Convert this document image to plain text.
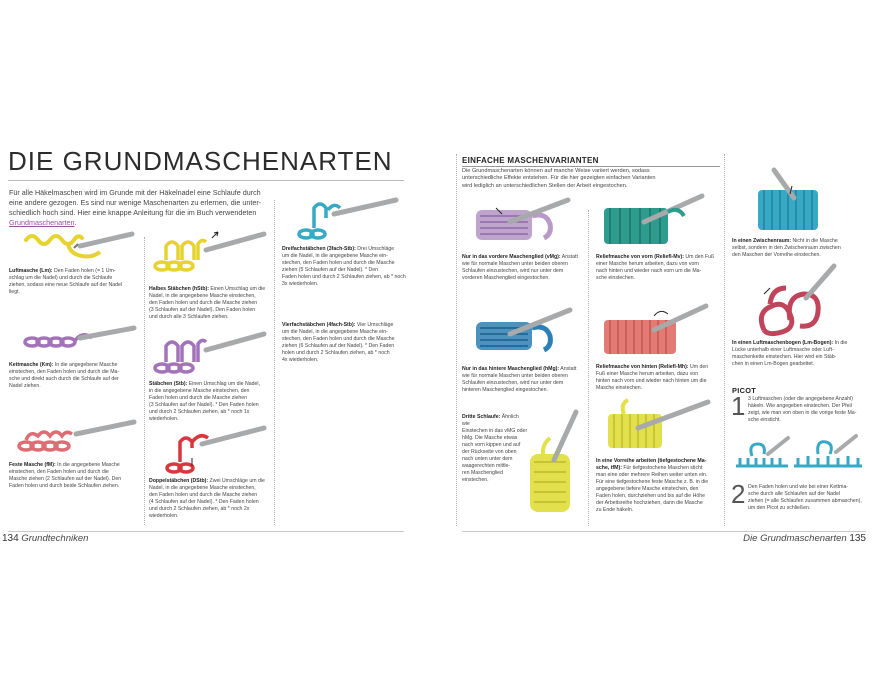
DIE GRUNDMASCHENARTEN
Für alle Häkelmaschen wird im Grunde mit der Häkelnadel eine Schlaufe durch
eine andere gezogen. Es sind nur wenige Maschenarten zu erlernen, die unter-
schiedlich hoch sind. Hier eine knappe Anleitung für die im Buch verwendeten
Grundmaschenarten.
Luftmasche (Lm): Den Faden holen (= 1 Um-
schlag um die Nadel) und durch die Schlaufe
ziehen, sodass eine neue Schlaufe auf der Nadel
liegt.
Kettmasche (Km): In die angegebene Masche
einstechen, den Faden holen und durch die Ma-
sche und direkt auch durch die Schlaufe auf der
Nadel ziehen.
Feste Masche (fM): In die angegebene Masche
einstechen, den Faden holen und durch die
Masche ziehen (2 Schlaufen auf der Nadel). Den
Faden holen und durch beide Schlaufen ziehen.
Halbes Stäbchen (hStb): Einen Umschlag um die
Nadel, in die angegebene Masche einstechen,
den Faden holen und durch die Masche ziehen
(3 Schlaufen auf der Nadel). Den Faden holen
und durch alle 3 Schlaufen ziehen.
Stäbchen (Stb): Einen Umschlag um die Nadel,
in die angegebene Masche einstechen, den
Faden holen und durch die Masche ziehen
(3 Schlaufen auf der Nadel). * Den Faden holen
und durch 2 Schlaufen ziehen, ab * noch 1x
wiederholen.
Doppelstäbchen (DStb): Zwei Umschläge um die
Nadel, in die angegebene Masche einstechen,
den Faden holen und durch die Masche ziehen
(4 Schlaufen auf der Nadel). * Den Faden holen
und durch 2 Schlaufen ziehen, ab * noch 2x
wiederholen.
Dreifachstäbchen (3fach-Stb): Drei Umschläge
um die Nadel, in die angegebene Masche ein-
stechen, den Faden holen und durch die Masche
ziehen (5 Schlaufen auf der Nadel). * Den
Faden holen und durch 2 Schlaufen ziehen, ab * noch
3x wiederholen.
Vierfachstäbchen (4fach-Stb): Vier Umschläge
um die Nadel, in die angegebene Masche ein-
stechen, den Faden holen und durch die Masche
ziehen (6 Schlaufen auf der Nadel). * Den Faden
holen und durch 2 Schlaufen ziehen, ab * noch
4x wiederholen.
134 Grundtechniken
EINFACHE MASCHENVARIANTEN
Die Grundmaschenarten können auf manche Weise variiert werden, sodass
unterschiedliche Effekte entstehen. Für die hier gezeigten einfachen Varianten
wird lediglich an unterschiedlichen Stellen der Arbeit eingestochen.
Nur in das vordere Maschenglied (vMg): Anstatt
wie für normale Maschen unter beiden oberen
Schlaufen einzustechen, wird nur unter dem
vorderen Maschenglied eingestochen.
Nur in das hintere Maschenglied (hMg): Anstatt
wie für normale Maschen unter beiden oberen
Schlaufen einzustechen, wird nur unter dem
hinteren Maschenglied eingestochen.
Dritte Schlaufe: Ähnlich wie
Einstechen in das vMG oder
hMg. Die Masche etwas
nach vorn kippen und auf
der Rückseite von oben
nach unten unter dem
waagerechten mittle-
ren Maschenglied
einstechen.
Reliefmasche von vorn (Reliefl-Mv): Um den Fuß
einer Masche herum arbeiten, dazu von vorn
nach hinten und wieder nach vorn um die Ma-
sche einstechen.
Reliefmasche von hinten (Reliefl-Mh): Um den
Fuß einer Masche herum arbeiten, dazu von
hinten nach vorn und wieder nach hinten um die
Masche einstechen.
In eine Vorreihe arbeiten (tiefgestochene Ma-
sche, tfM): Für tiefgestochene Maschen sticht
man eine oder mehrere Reihen weiter unten ein.
Für eine tiefgestochene feste Masche z. B. in die
angegebene tiefere Masche einstechen, den
Faden holen, durchziehen und bis auf die Höhe
der Arbeitsreihe hochziehen, dann die Masche
zu Ende häkeln.
In einen Zwischenraum: Nicht in die Masche
selbst, sondern in den Zwischenraum zwischen
den Maschen der Vorreihe einstechen.
In einen Luftmaschenbogen (Lm-Bogen): In die
Lücke unterhalb einer Luftmasche oder Luft-
maschenkette einstechen. Hier wird ein Stäb-
chen in einen Lm-Bogen gearbeitet.
PICOT
1 3 Luftmaschen (oder die angegebene Anzahl)
häkeln. Wie angegeben einstechen. Der Pfeil
zeigt, wie man von oben in die vorige feste Ma-
sche einsticht.
2 Den Faden holen und wie bei einer Kettma-
sche durch alle Schlaufen auf der Nadel
ziehen (= alle Schlaufen zusammen abmaschen),
um den Picot zu schließen.
Die Grundmaschenarten 135
